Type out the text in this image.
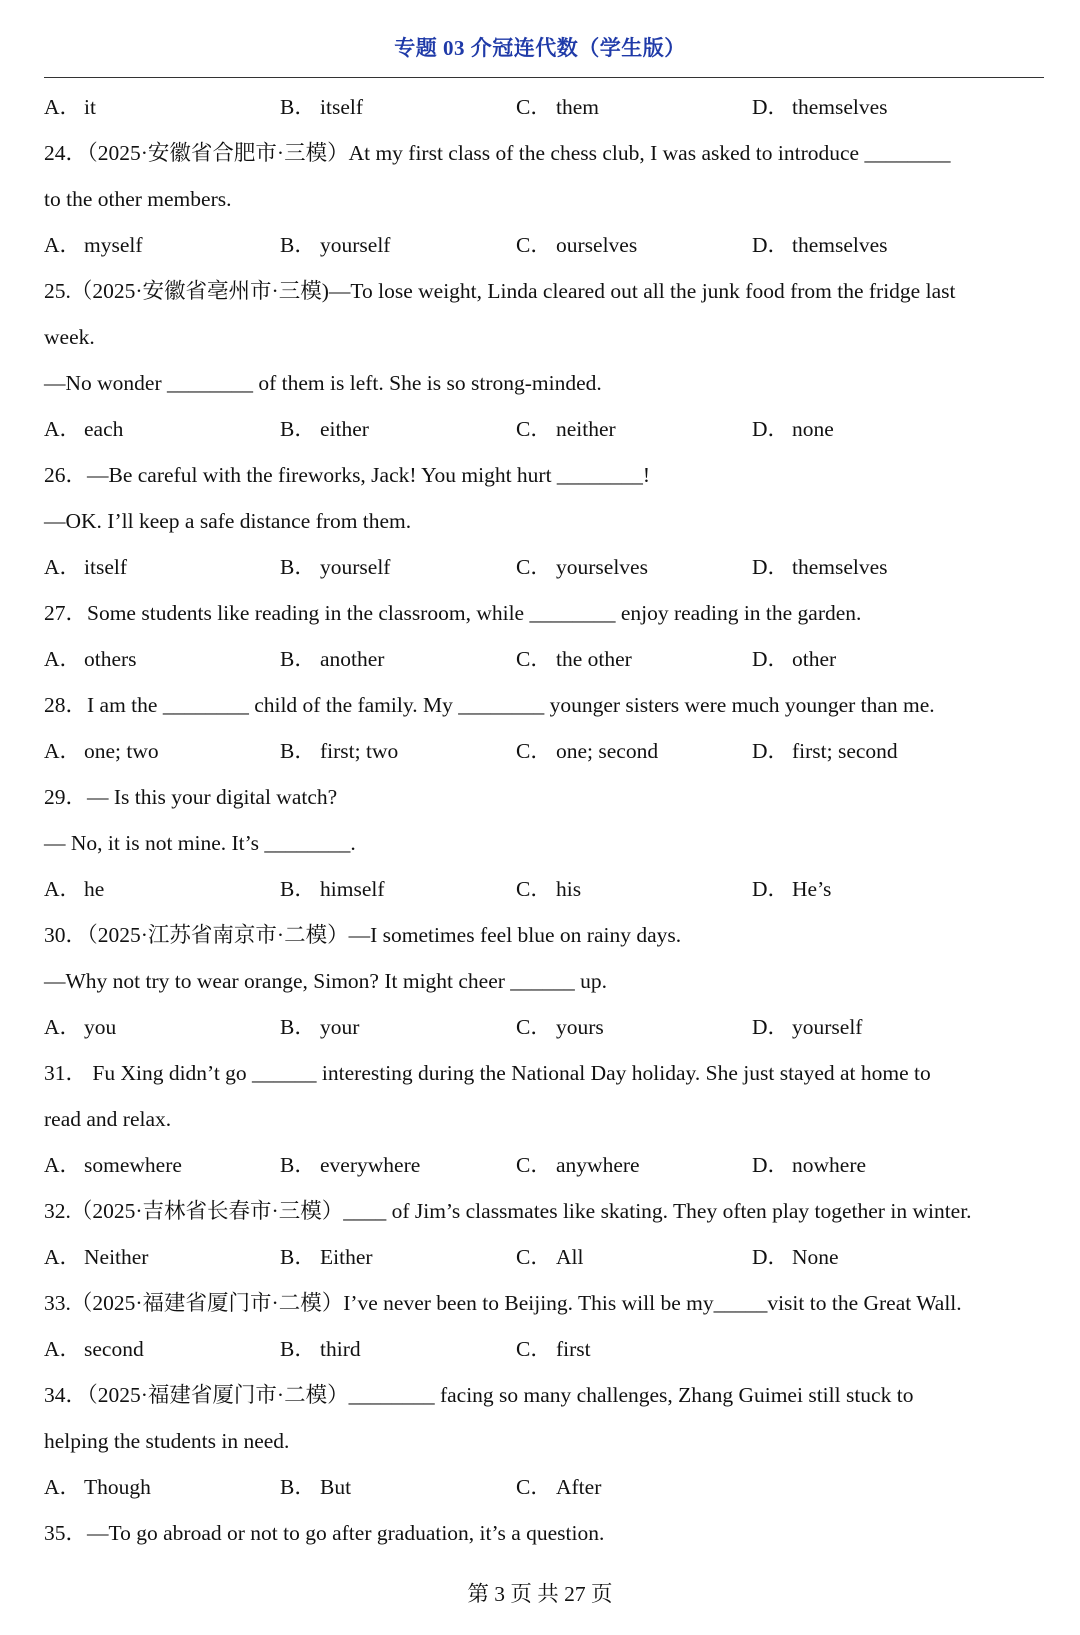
专题 03 介冠连代数（学生版）
A． it	B． itself	C． them	D． themselves
24．（2025·安徽省合肥市·三模）At my first class of the chess club, I was asked to introduce ________
to the other members.
A． myself	B． yourself	C． ourselves	D． themselves
25.（2025·安徽省亳州市·三模)—To lose weight, Linda cleared out all the junk food from the fridge last
week.
—No wonder ________ of them is left. She is so strong-minded.
A． each	B． either	C． neither	D． none
26．—Be careful with the fireworks, Jack! You might hurt ________!
—OK. I’ll keep a safe distance from them.
A． itself	B． yourself	C． yourselves	D． themselves
27．Some students like reading in the classroom, while ________ enjoy reading in the garden.
A． others	B． another	C． the other	D． other
28．I am the ________ child of the family. My ________ younger sisters were much younger than me.
A． one; two	B． first; two	C． one; second	D． first; second
29．— Is this your digital watch?
— No, it is not mine. It’s ________.
A． he	B． himself	C． his	D． He’s
30．（2025·江苏省南京市·二模）—I sometimes feel blue on rainy days.
—Why not try to wear orange, Simon? It might cheer ______ up.
A． you	B． your	C． yours	D． yourself
31． Fu Xing didn’t go ______ interesting during the National Day holiday. She just stayed at home to
read and relax.
A． somewhere	B． everywhere	C． anywhere	D． nowhere
32.（2025·吉林省长春市·三模）____ of Jim’s classmates like skating. They often play together in winter.
A． Neither	B． Either	C． All	D． None
33.（2025·福建省厦门市·二模）I’ve never been to Beijing. This will be my_____visit to the Great Wall.
A． second	B． third	C． first
34．（2025·福建省厦门市·二模）________ facing so many challenges, Zhang Guimei still stuck to
helping the students in need.
A． Though	B． But	C． After
35．—To go abroad or not to go after graduation, it’s a question.
第 3 页 共 27 页
